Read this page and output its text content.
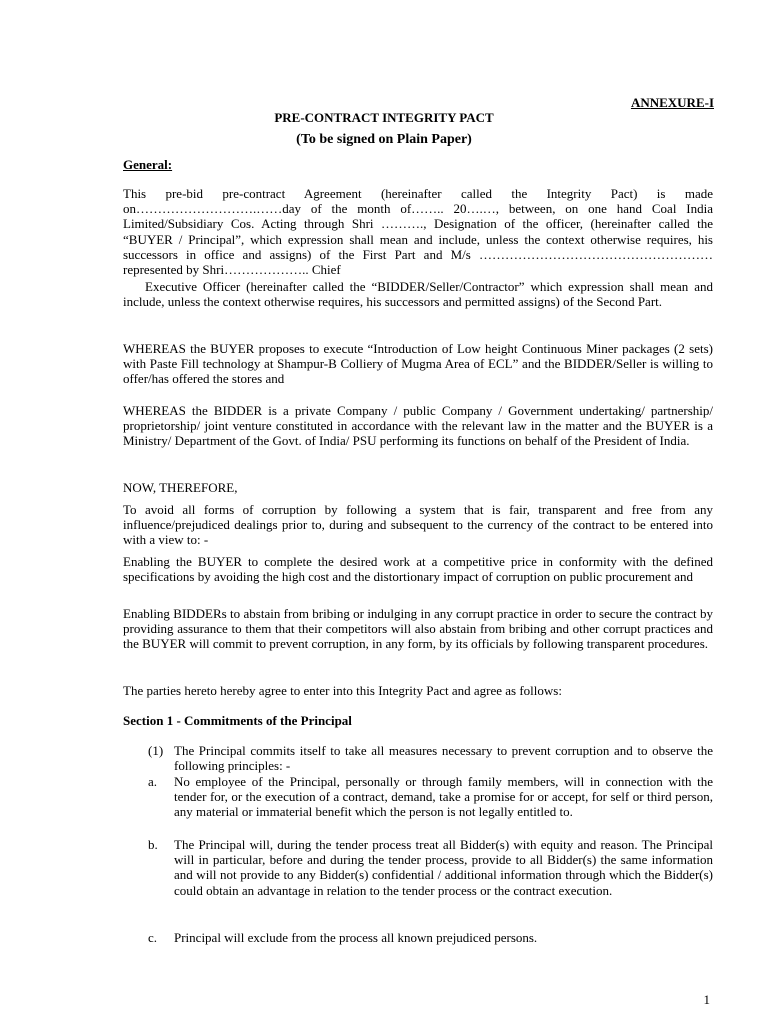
ANNEXURE-I
PRE-CONTRACT INTEGRITY PACT
(To be signed on Plain Paper)
General:

This pre-bid pre-contract Agreement (hereinafter called the Integrity Pact) is made on……………………….……day of the month of…….. 20….…, between, on one hand Coal India Limited/Subsidiary Cos. Acting through Shri ………., Designation of the officer, (hereinafter called the “BUYER / Principal”, which expression shall mean and include, unless the context otherwise requires, his successors in office and assigns) of the First Part and M/s ………………………………………………represented by Shri……………….. Chief

Executive Officer (hereinafter called the “BIDDER/Seller/Contractor” which expression shall mean and include, unless the context otherwise requires, his successors and permitted assigns) of the Second Part.

WHEREAS the BUYER proposes to execute “Introduction of Low height Continuous Miner packages (2 sets) with Paste Fill technology at Shampur-B Colliery of Mugma Area of ECL” and the BIDDER/Seller is willing to offer/has offered the stores and

WHEREAS the BIDDER is a private Company / public Company / Government undertaking/ partnership/ proprietorship/ joint venture constituted in accordance with the relevant law in the matter and the BUYER is a Ministry/ Department of the Govt. of India/ PSU performing its functions on behalf of the President of India.

NOW, THEREFORE,

To avoid all forms of corruption by following a system that is fair, transparent and free from any influence/prejudiced dealings prior to, during and subsequent to the currency of the contract to be entered into with a view to: -

Enabling the BUYER to complete the desired work at a competitive price in conformity with the defined specifications by avoiding the high cost and the distortionary impact of corruption on public procurement and

Enabling BIDDERs to abstain from bribing or indulging in any corrupt practice in order to secure the contract by providing assurance to them that their competitors will also abstain from bribing and other corrupt practices and the BUYER will commit to prevent corruption, in any form, by its officials by following transparent procedures.

The parties hereto hereby agree to enter into this Integrity Pact and agree as follows:

Section 1 - Commitments of the Principal
(1) The Principal commits itself to take all measures necessary to prevent corruption and to observe the following principles: -

a. No employee of the Principal, personally or through family members, will in connection with the tender for, or the execution of a contract, demand, take a promise for or accept, for self or third person, any material or immaterial benefit which the person is not legally entitled to.

b. The Principal will, during the tender process treat all Bidder(s) with equity and reason. The Principal will in particular, before and during the tender process, provide to all Bidder(s) the same information and will not provide to any Bidder(s) confidential / additional information through which the Bidder(s) could obtain an advantage in relation to the tender process or the contract execution.

c. Principal will exclude from the process all known prejudiced persons.

1
